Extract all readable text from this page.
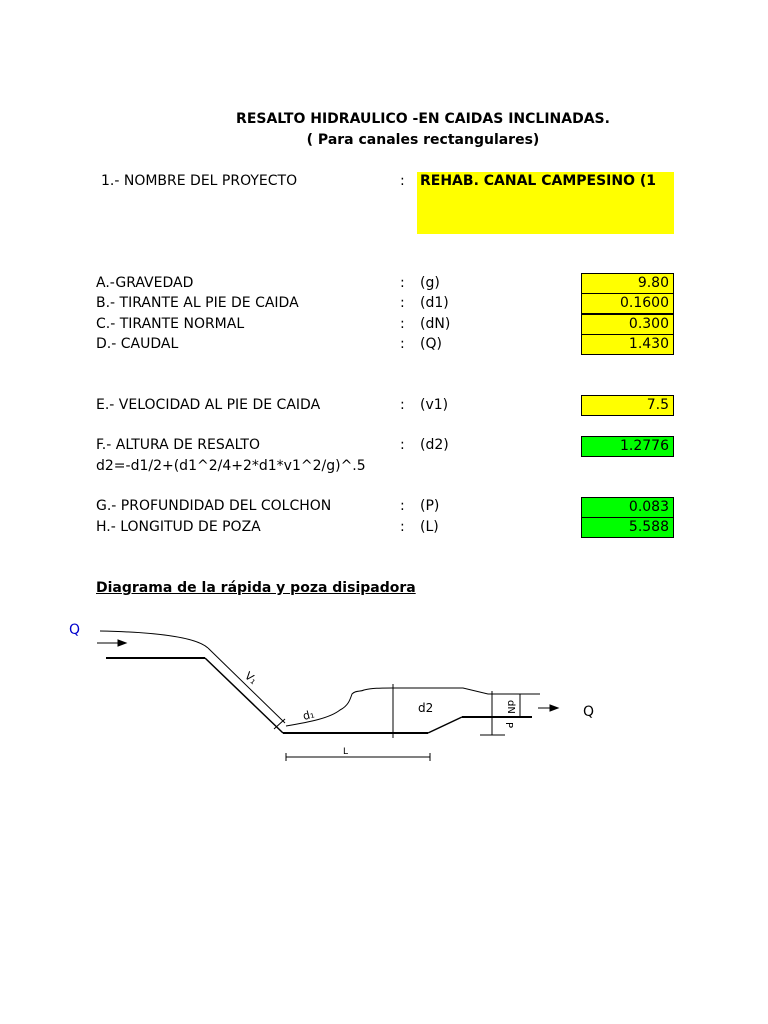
RESALTO HIDRAULICO -EN CAIDAS INCLINADAS.
( Para canales rectangulares)
1.- NOMBRE DEL PROYECTO	: REHAB. CANAL CAMPESINO (1
A.-GRAVEDAD	: (g)	9.80
B.- TIRANTE AL PIE DE CAIDA	: (d1)	0.1600
C.- TIRANTE NORMAL	: (dN)	0.300
D.- CAUDAL	: (Q)	1.430
E.- VELOCIDAD AL PIE DE CAIDA	: (v1)	7.5
F.- ALTURA DE RESALTO	: (d2)	1.2776
d2=-d1/2+(d1^2/4+2*d1*v1^2/g)^.5
G.- PROFUNDIDAD DEL COLCHON	: (P)	0.083
H.- LONGITUD DE POZA	: (L)	5.588
Diagrama de la rápida y poza disipadora
Q
Q
V₁
d₁	d2	dN
P
L
